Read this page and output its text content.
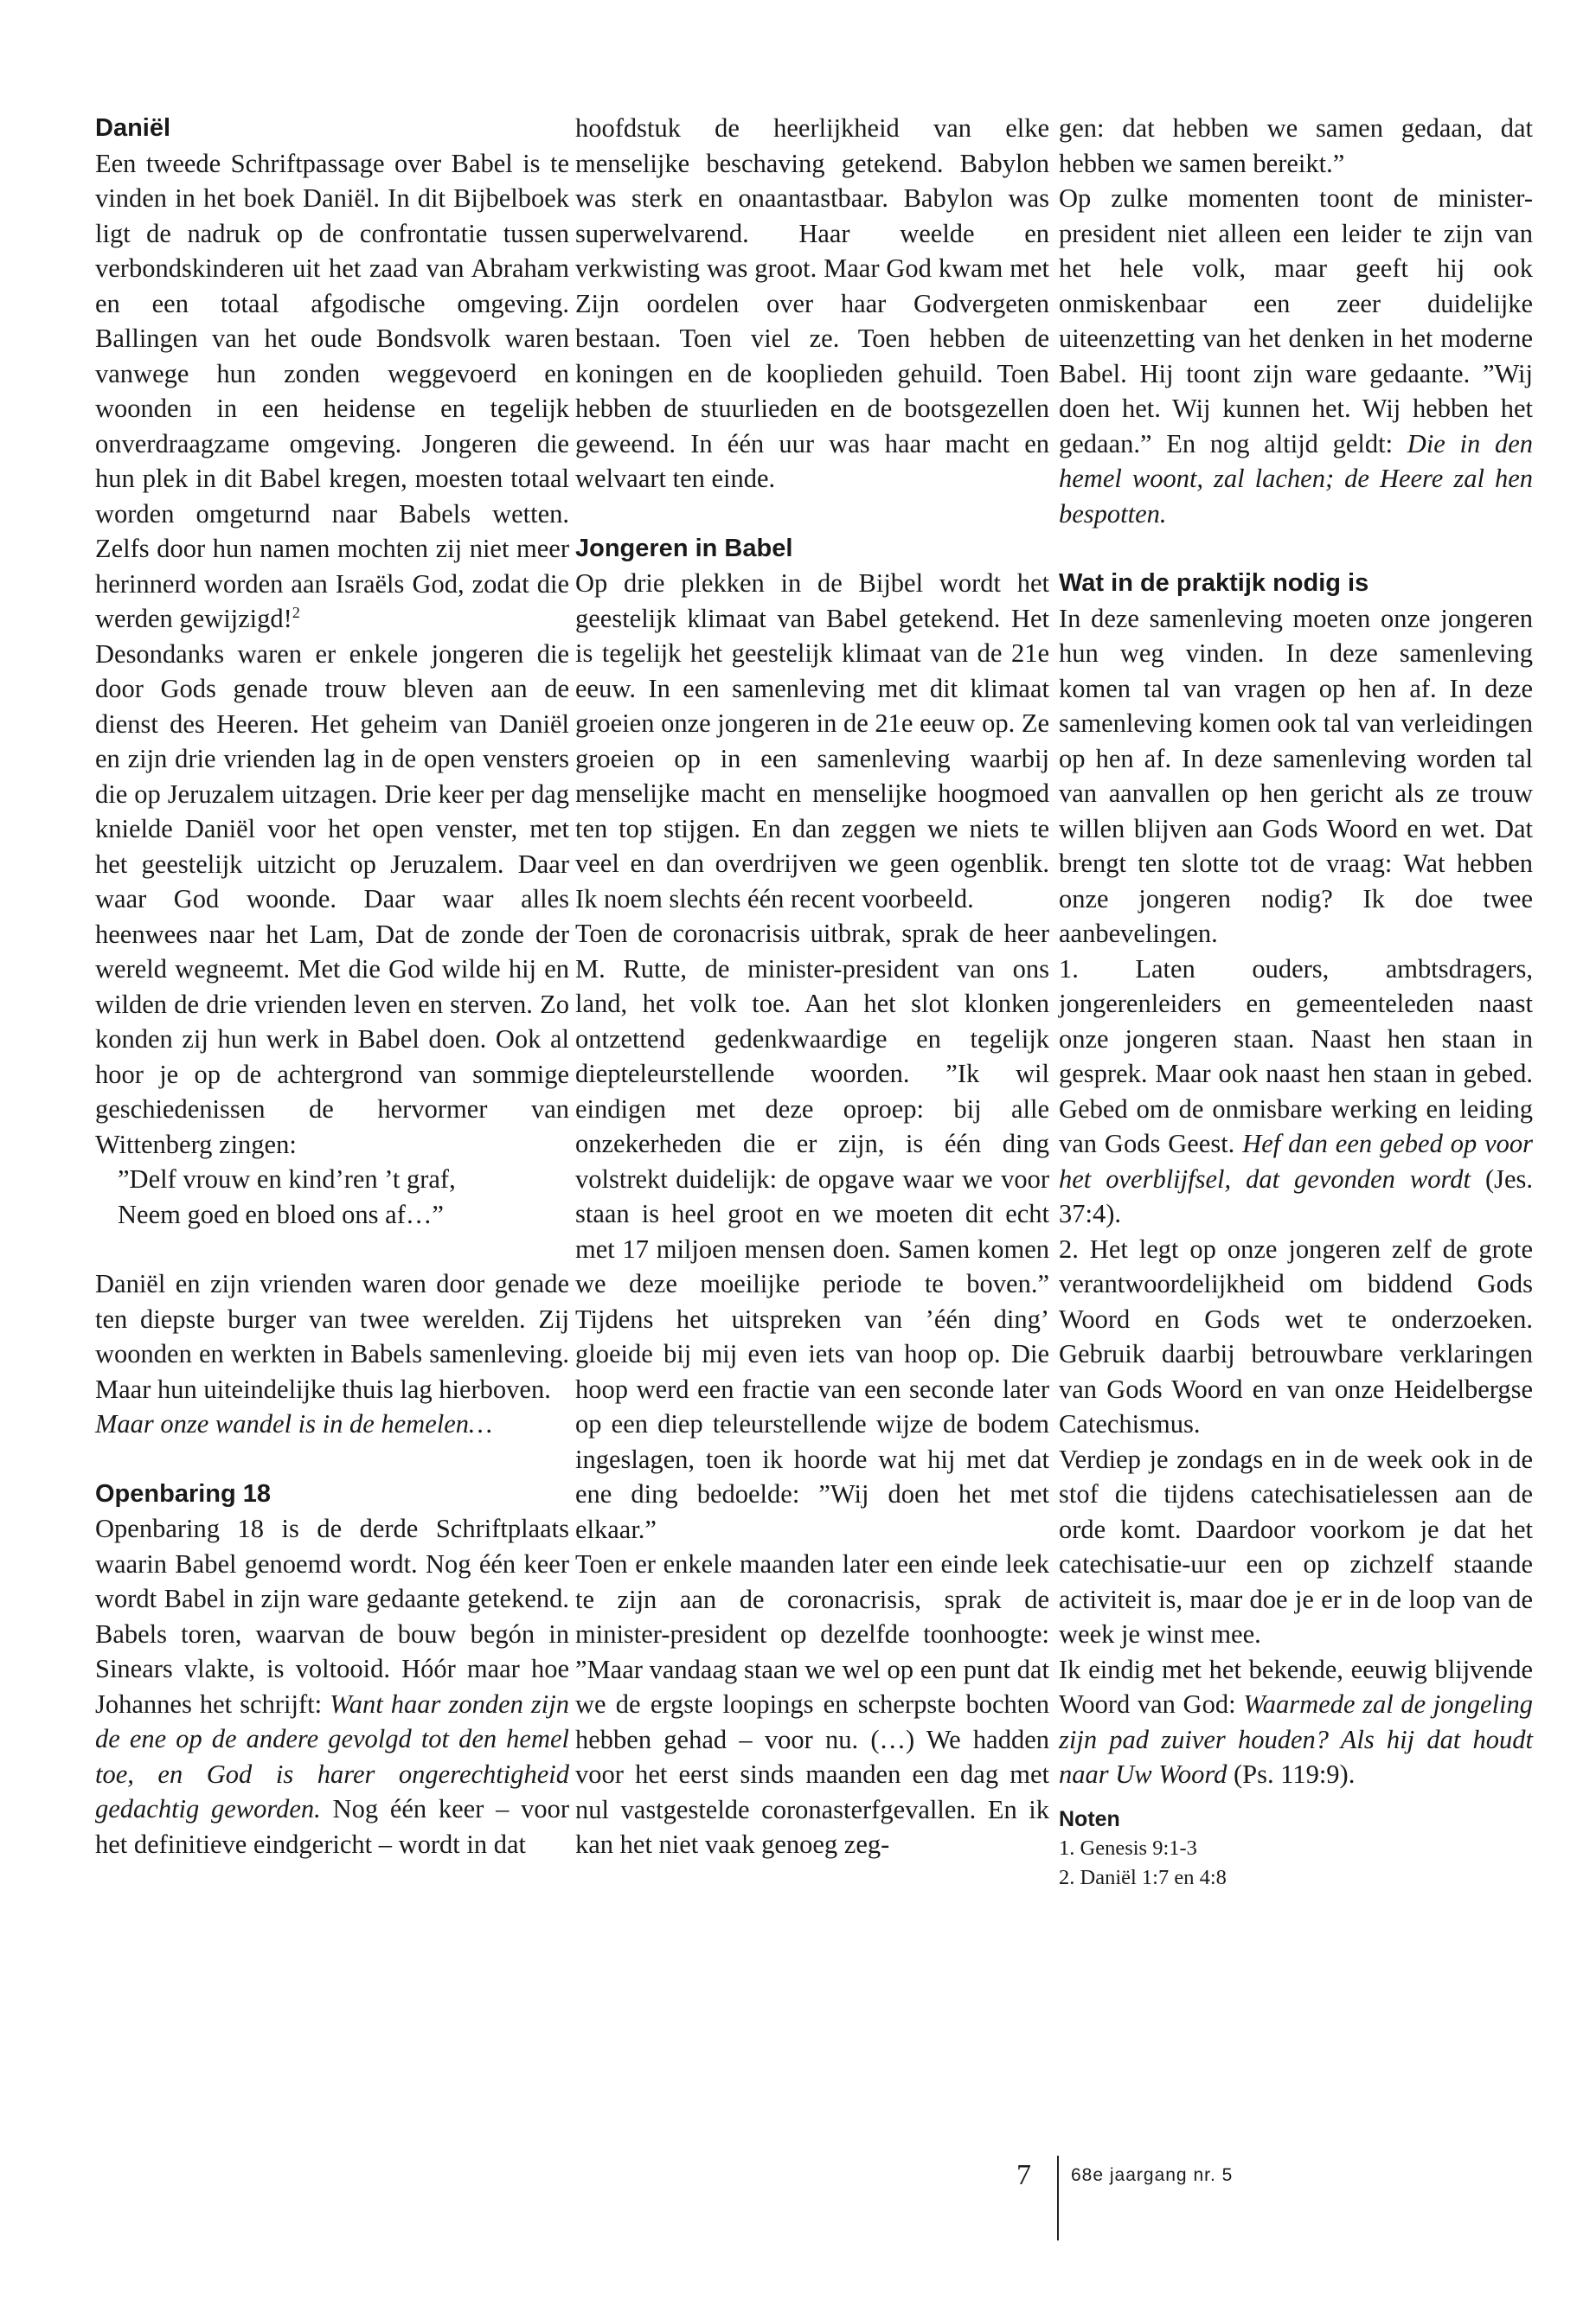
Daniël

Een tweede Schriftpassage over Babel is te vinden in het boek Daniël. In dit Bijbelboek ligt de nadruk op de confrontatie tussen verbondskinderen uit het zaad van Abraham en een totaal afgodische omgeving. Ballingen van het oude Bondsvolk waren vanwege hun zonden weggevoerd en woonden in een heidense en tegelijk onverdraagzame omgeving. Jongeren die hun plek in dit Babel kregen, moesten totaal worden omgeturnd naar Babels wetten. Zelfs door hun namen mochten zij niet meer herinnerd worden aan Israëls God, zodat die werden gewijzigd!$^2$

Desondanks waren er enkele jongeren die door Gods genade trouw bleven aan de dienst des Heeren. Het geheim van Daniël en zijn drie vrienden lag in de open vensters die op Jeruzalem uitzagen. Drie keer per dag knielde Daniël voor het open venster, met het geestelijk uitzicht op Jeruzalem. Daar waar God woonde. Daar waar alles heenwees naar het Lam, Dat de zonde der wereld wegneemt. Met die God wilde hij en wilden de drie vrienden leven en sterven. Zo konden zij hun werk in Babel doen. Ook al hoor je op de achtergrond van sommige geschiedenissen de hervormer van Wittenberg zingen:

”Delf vrouw en kind’ren ’t graf,

Neem goed en bloed ons af…”

Daniël en zijn vrienden waren door genade ten diepste burger van twee werelden. Zij woonden en werkten in Babels samenleving. Maar hun uiteindelijke thuis lag hierboven.
Maar onze wandel is in de hemelen…

Openbaring 18

Openbaring 18 is de derde Schriftplaats waarin Babel genoemd wordt. Nog één keer wordt Babel in zijn ware gedaante getekend. Babels toren, waarvan de bouw begón in Sinears vlakte, is voltooid. Hóór maar hoe Johannes het schrijft: Want haar zonden zijn de ene op de andere gevolgd tot den hemel toe, en God is harer ongerechtigheid gedachtig geworden. Nog één keer – voor het definitieve eindgericht – wordt in dat

hoofdstuk de heerlijkheid van elke menselijke beschaving getekend. Babylon was sterk en onaantastbaar. Babylon was superwelvarend. Haar weelde en verkwisting was groot. Maar God kwam met Zijn oordelen over haar Godvergeten bestaan. Toen viel ze. Toen hebben de koningen en de kooplieden gehuild. Toen hebben de stuurlieden en de bootsgezellen geweend. In één uur was haar macht en welvaart ten einde.

Jongeren in Babel

Op drie plekken in de Bijbel wordt het geestelijk klimaat van Babel getekend. Het is tegelijk het geestelijk klimaat van de 21e eeuw. In een samenleving met dit klimaat groeien onze jongeren in de 21e eeuw op. Ze groeien op in een samenleving waarbij menselijke macht en menselijke hoogmoed ten top stijgen. En dan zeggen we niets te veel en dan overdrijven we geen ogenblik. Ik noem slechts één recent voorbeeld.

Toen de coronacrisis uitbrak, sprak de heer M. Rutte, de minister-president van ons land, het volk toe. Aan het slot klonken ontzettend gedenkwaardige en tegelijk diepteleurstellende woorden. ”Ik wil eindigen met deze oproep: bij alle onzekerheden die er zijn, is één ding volstrekt duidelijk: de opgave waar we voor staan is heel groot en we moeten dit echt met 17 miljoen mensen doen. Samen komen we deze moeilijke periode te boven.” Tijdens het uitspreken van ’één ding’ gloeide bij mij even iets van hoop op. Die hoop werd een fractie van een seconde later op een diep teleurstellende wijze de bodem ingeslagen, toen ik hoorde wat hij met dat ene ding bedoelde: ”Wij doen het met elkaar.”

Toen er enkele maanden later een einde leek te zijn aan de coronacrisis, sprak de minister-president op dezelfde toonhoogte: ”Maar vandaag staan we wel op een punt dat we de ergste loopings en scherpste bochten hebben gehad – voor nu. (…) We hadden voor het eerst sinds maanden een dag met nul vastgestelde coronasterfgevallen. En ik kan het niet vaak genoeg zeg-

gen: dat hebben we samen gedaan, dat hebben we samen bereikt.”

Op zulke momenten toont de minister-president niet alleen een leider te zijn van het hele volk, maar geeft hij ook onmiskenbaar een zeer duidelijke uiteenzetting van het denken in het moderne Babel. Hij toont zijn ware gedaante. ”Wij doen het. Wij kunnen het. Wij hebben het gedaan.” En nog altijd geldt: Die in den hemel woont, zal lachen; de Heere zal hen bespotten.

Wat in de praktijk nodig is

In deze samenleving moeten onze jongeren hun weg vinden. In deze samenleving komen tal van vragen op hen af. In deze samenleving komen ook tal van verleidingen op hen af. In deze samenleving worden tal van aanvallen op hen gericht als ze trouw willen blijven aan Gods Woord en wet. Dat brengt ten slotte tot de vraag: Wat hebben onze jongeren nodig? Ik doe twee aanbevelingen.

1. Laten ouders, ambtsdragers, jongerenleiders en gemeenteleden naast onze jongeren staan. Naast hen staan in gesprek. Maar ook naast hen staan in gebed. Gebed om de onmisbare werking en leiding van Gods Geest. Hef dan een gebed op voor het overblijfsel, dat gevonden wordt (Jes. 37:4).

2. Het legt op onze jongeren zelf de grote verantwoordelijkheid om biddend Gods Woord en Gods wet te onderzoeken. Gebruik daarbij betrouwbare verklaringen van Gods Woord en van onze Heidelbergse Catechismus.

Verdiep je zondags en in de week ook in de stof die tijdens catechisatielessen aan de orde komt. Daardoor voorkom je dat het catechisatie-uur een op zichzelf staande activiteit is, maar doe je er in de loop van de week je winst mee.

Ik eindig met het bekende, eeuwig blijvende Woord van God: Waarmede zal de jongeling zijn pad zuiver houden? Als hij dat houdt naar Uw Woord (Ps. 119:9).

Noten
1. Genesis 9:1-3
2. Daniël 1:7 en 4:8
7 68e jaargang nr. 5
